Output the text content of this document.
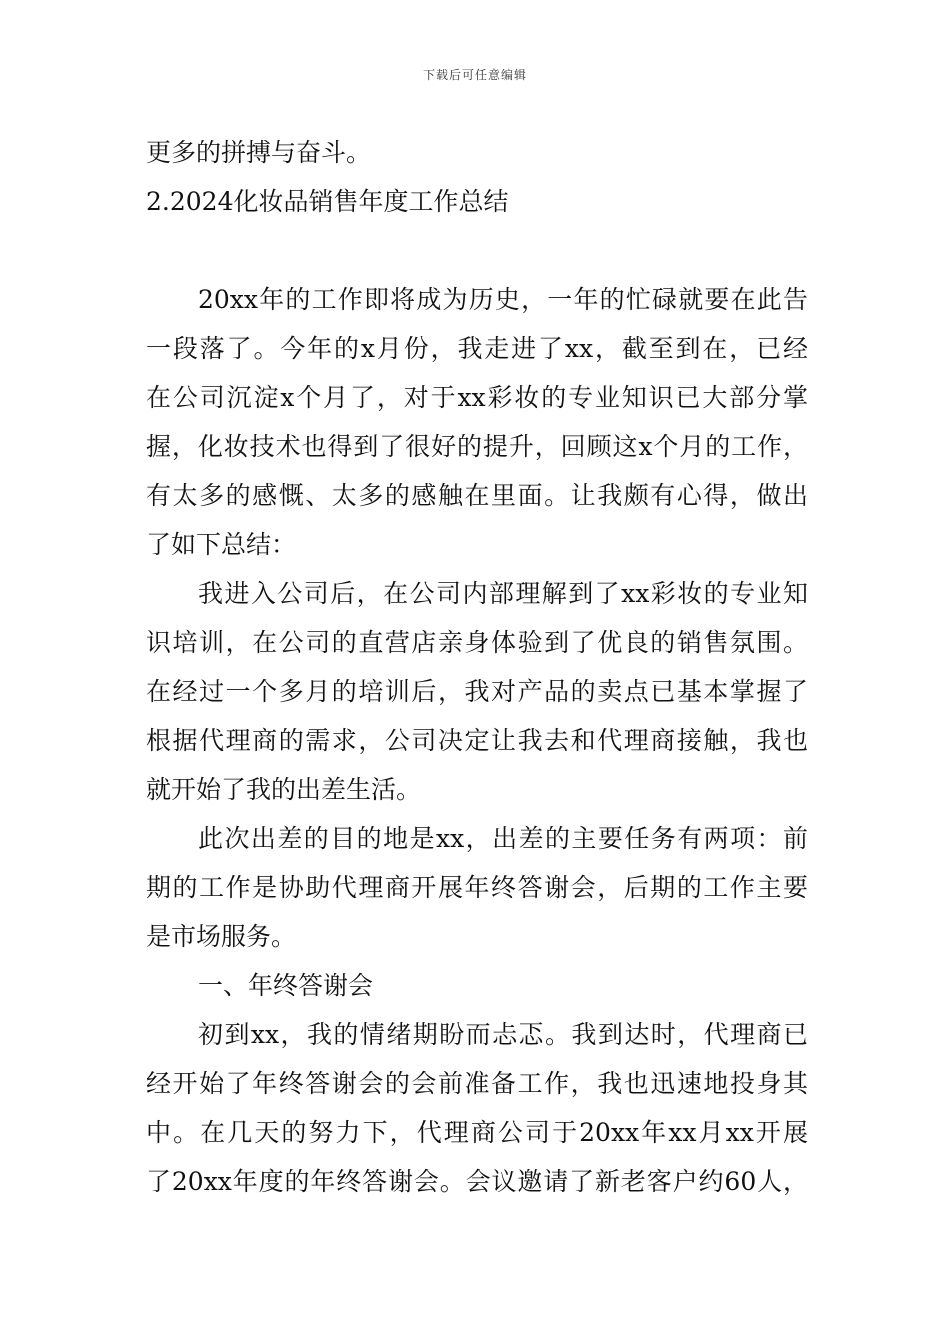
下载后可任意编辑

更多的拼搏与奋斗。

2.2024化妆品销售年度工作总结

20xx年的工作即将成为历史，一年的忙碌就要在此告

一段落了。今年的x月份，我走进了xx，截至到在，已经

在公司沉淀x个月了，对于xx彩妆的专业知识已大部分掌

握，化妆技术也得到了很好的提升，回顾这x个月的工作，

有太多的感慨、太多的感触在里面。让我颇有心得，做出

了如下总结：

我进入公司后，在公司内部理解到了xx彩妆的专业知

识培训，在公司的直营店亲身体验到了优良的销售氛围。

在经过一个多月的培训后，我对产品的卖点已基本掌握了

根据代理商的需求，公司决定让我去和代理商接触，我也

就开始了我的出差生活。

此次出差的目的地是xx，出差的主要任务有两项：前

期的工作是协助代理商开展年终答谢会，后期的工作主要

是市场服务。

一、年终答谢会

初到xx，我的情绪期盼而忐忑。我到达时，代理商已

经开始了年终答谢会的会前准备工作，我也迅速地投身其

中。在几天的努力下，代理商公司于20xx年xx月xx开展

了20xx年度的年终答谢会。会议邀请了新老客户约60人，
